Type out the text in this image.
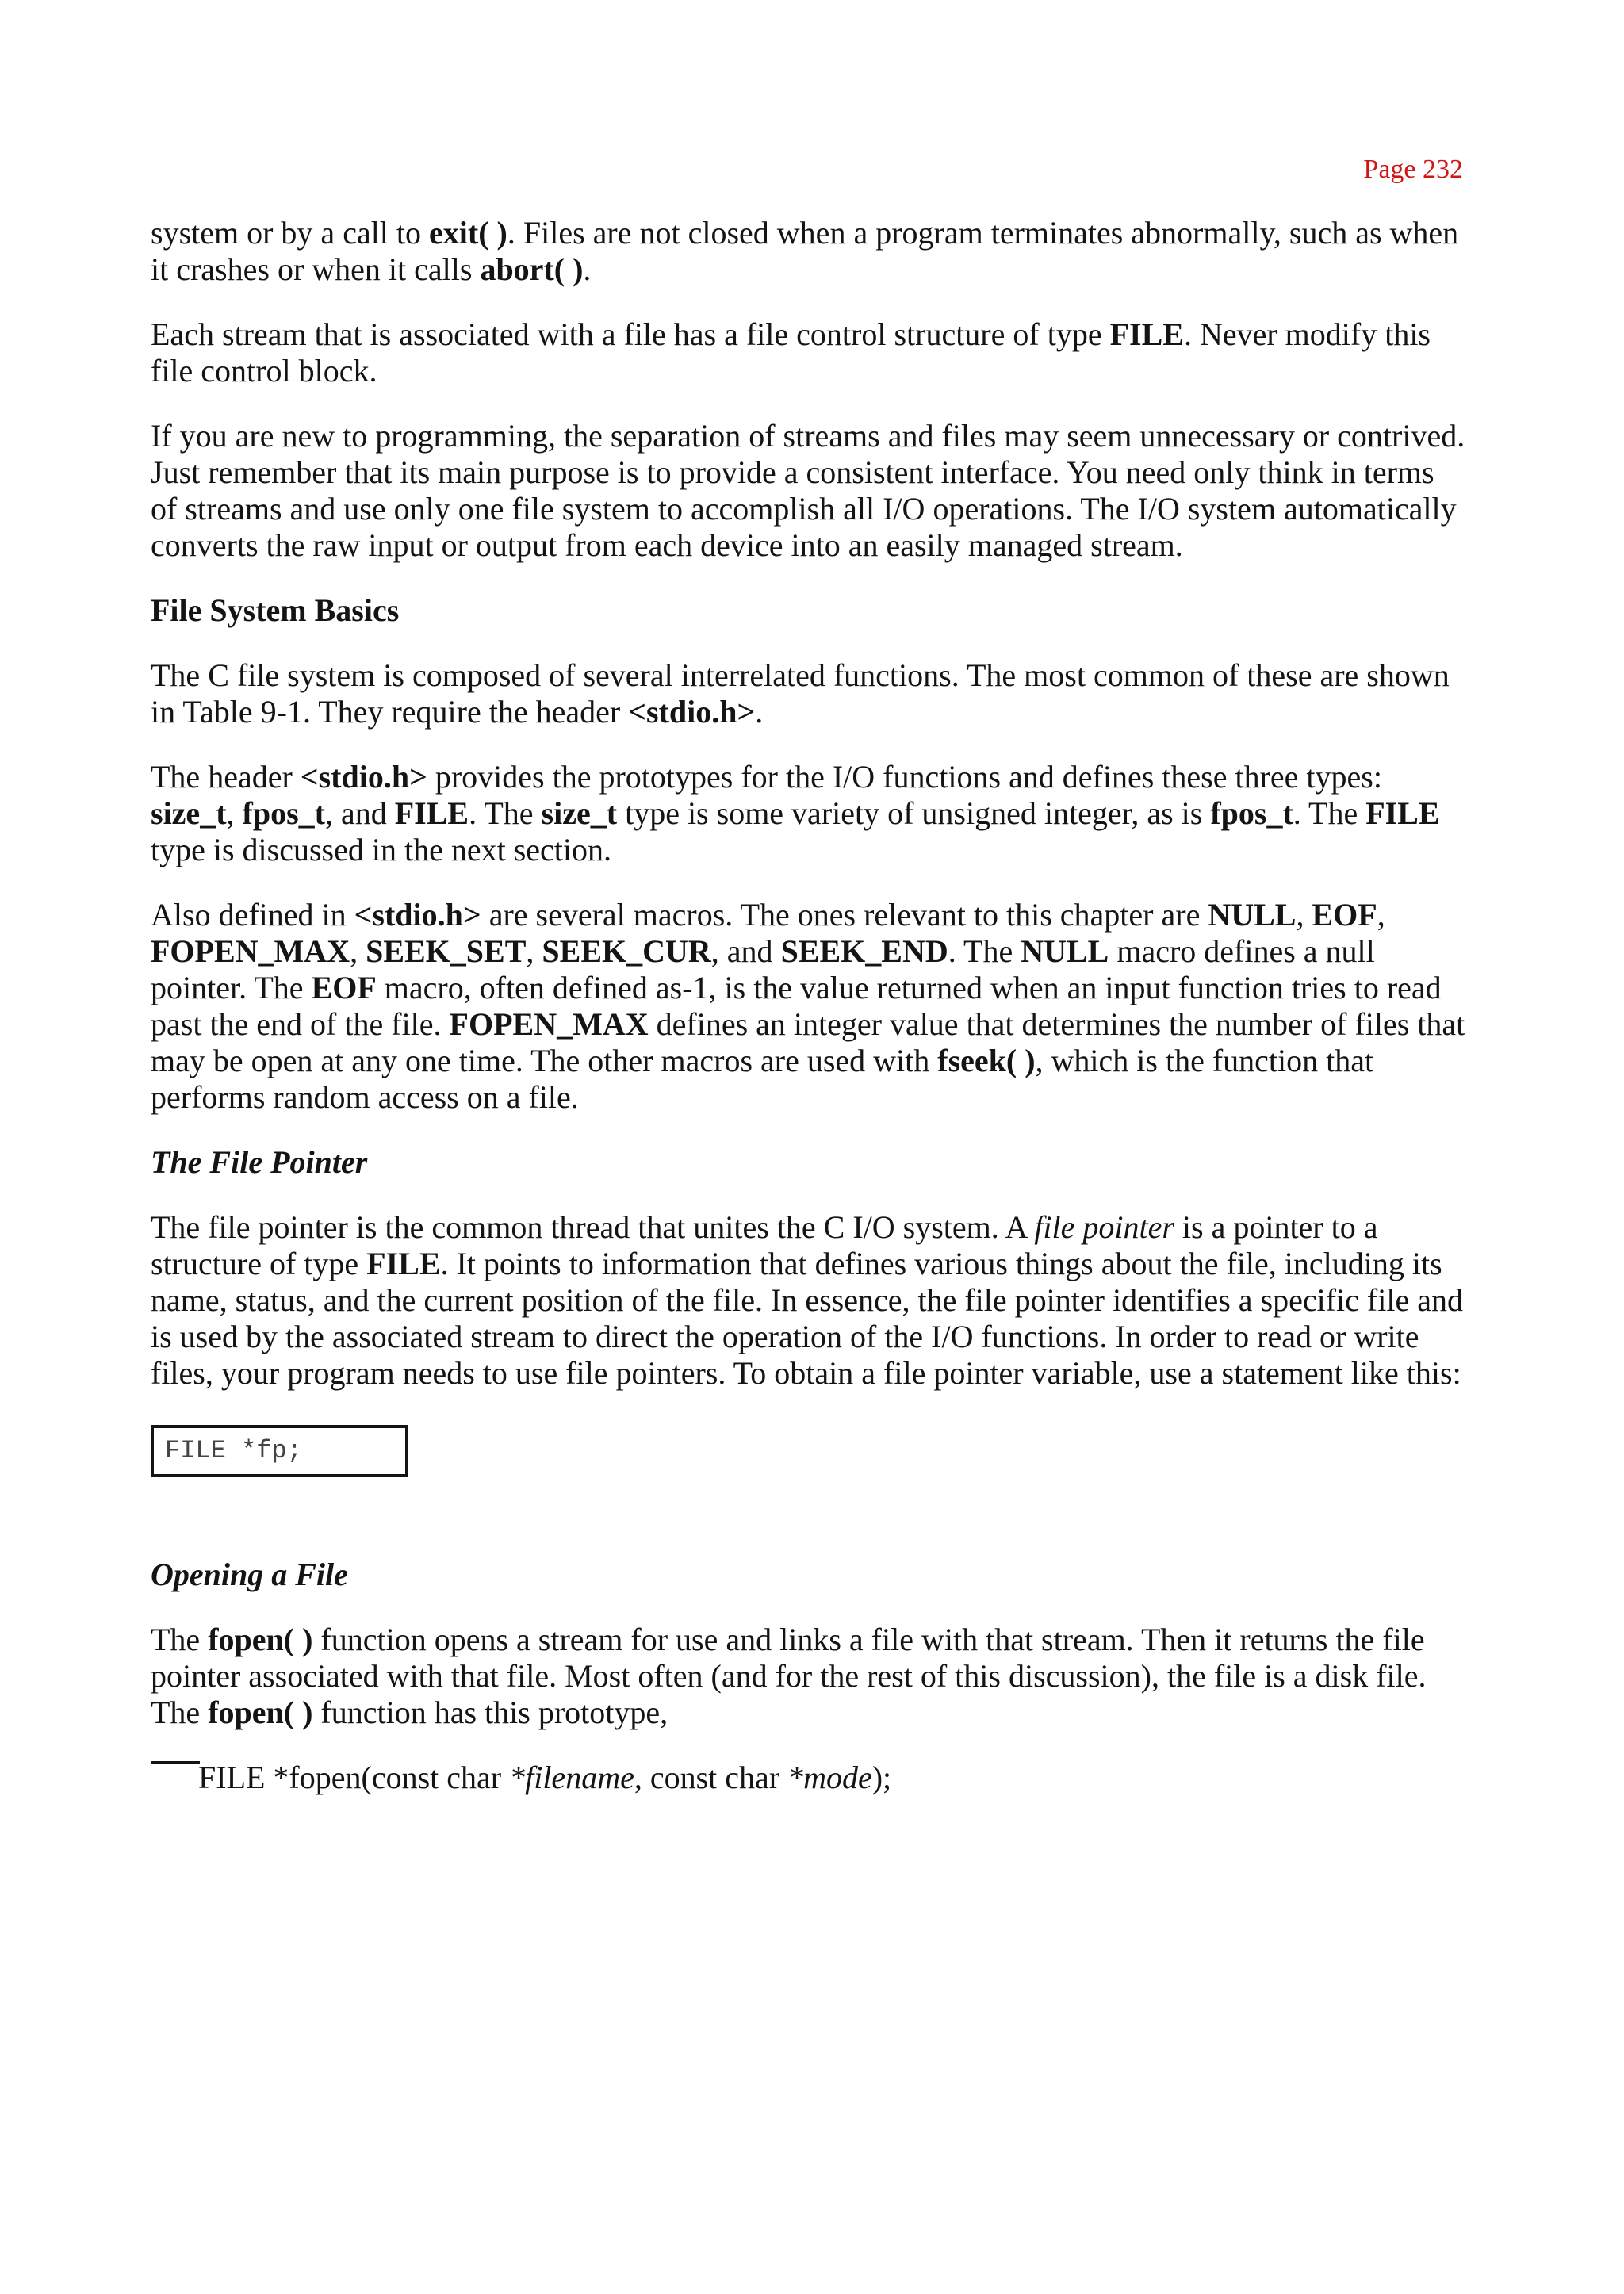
Page 232

system or by a call to exit( ). Files are not closed when a program terminates abnormally, such as when it crashes or when it calls abort( ).

Each stream that is associated with a file has a file control structure of type FILE. Never modify this file control block.

If you are new to programming, the separation of streams and files may seem unnecessary or contrived. Just remember that its main purpose is to provide a consistent interface. You need only think in terms of streams and use only one file system to accomplish all I/O operations. The I/O system automatically converts the raw input or output from each device into an easily managed stream.

File System Basics

The C file system is composed of several interrelated functions. The most common of these are shown in Table 9-1. They require the header <stdio.h>.

The header <stdio.h> provides the prototypes for the I/O functions and defines these three types: size_t, fpos_t, and FILE. The size_t type is some variety of unsigned integer, as is fpos_t. The FILE type is discussed in the next section.

Also defined in <stdio.h> are several macros. The ones relevant to this chapter are NULL, EOF, FOPEN_MAX, SEEK_SET, SEEK_CUR, and SEEK_END. The NULL macro defines a null pointer. The EOF macro, often defined as-1, is the value returned when an input function tries to read past the end of the file. FOPEN_MAX defines an integer value that determines the number of files that may be open at any one time. The other macros are used with fseek( ), which is the function that performs random access on a file.

The File Pointer

The file pointer is the common thread that unites the C I/O system. A file pointer is a pointer to a structure of type FILE. It points to information that defines various things about the file, including its name, status, and the current position of the file. In essence, the file pointer identifies a specific file and is used by the associated stream to direct the operation of the I/O functions. In order to read or write files, your program needs to use file pointers. To obtain a file pointer variable, use a statement like this:

FILE *fp;
Opening a File

The fopen( ) function opens a stream for use and links a file with that stream. Then it returns the file pointer associated with that file. Most often (and for the rest of this discussion), the file is a disk file. The fopen( ) function has this prototype,

FILE *fopen(const char *filename, const char *mode);
